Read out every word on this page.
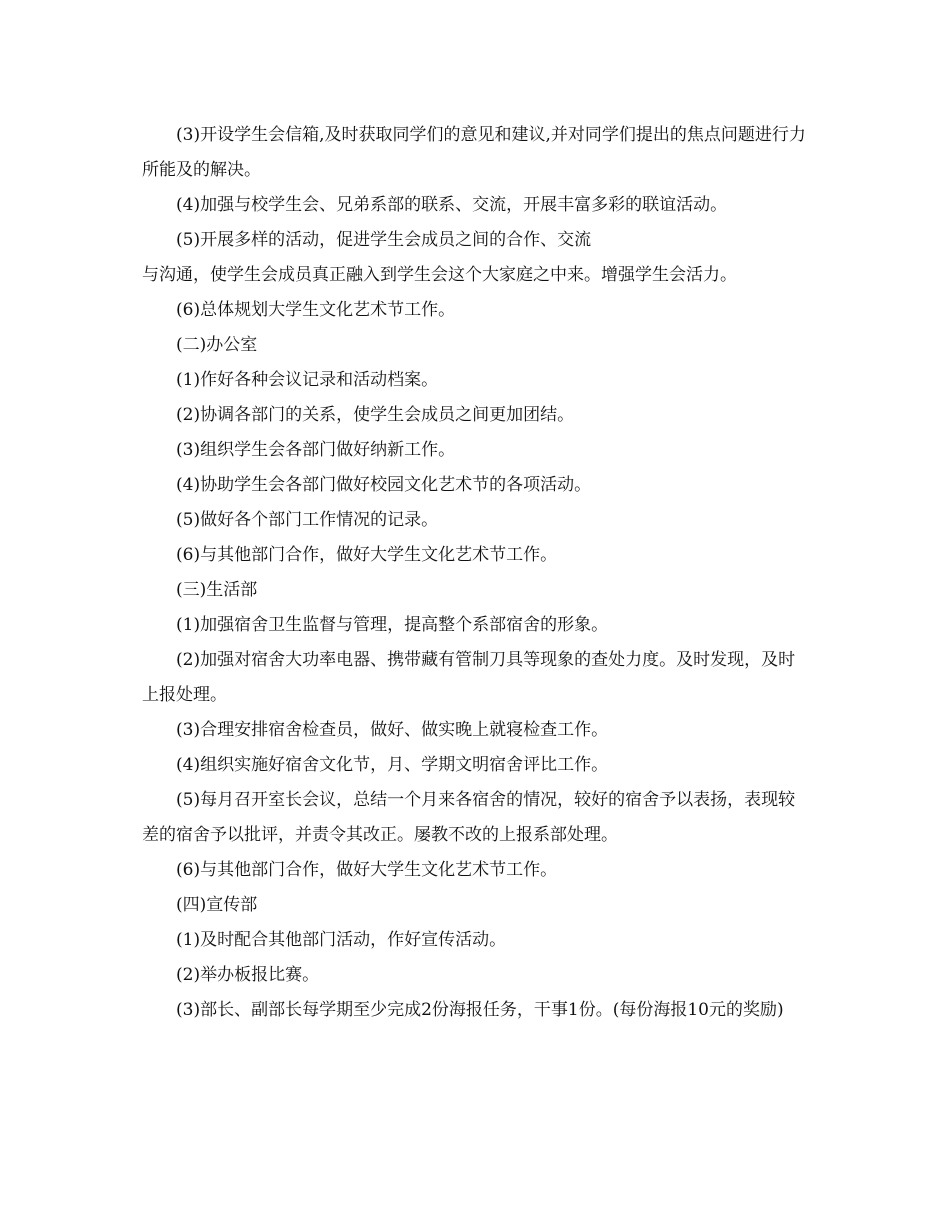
(3)开设学生会信箱,及时获取同学们的意见和建议,并对同学们提出的焦点问题进行力所能及的解决。

(4)加强与校学生会、兄弟系部的联系、交流，开展丰富多彩的联谊活动。

(5)开展多样的活动，促进学生会成员之间的合作、交流

与沟通，使学生会成员真正融入到学生会这个大家庭之中来。增强学生会活力。

(6)总体规划大学生文化艺术节工作。

(二)办公室

(1)作好各种会议记录和活动档案。

(2)协调各部门的关系，使学生会成员之间更加团结。

(3)组织学生会各部门做好纳新工作。

(4)协助学生会各部门做好校园文化艺术节的各项活动。

(5)做好各个部门工作情况的记录。

(6)与其他部门合作，做好大学生文化艺术节工作。

(三)生活部

(1)加强宿舍卫生监督与管理，提高整个系部宿舍的形象。

(2)加强对宿舍大功率电器、携带藏有管制刀具等现象的查处力度。及时发现，及时上报处理。

(3)合理安排宿舍检查员，做好、做实晚上就寝检查工作。

(4)组织实施好宿舍文化节，月、学期文明宿舍评比工作。

(5)每月召开室长会议，总结一个月来各宿舍的情况，较好的宿舍予以表扬，表现较差的宿舍予以批评，并责令其改正。屡教不改的上报系部处理。

(6)与其他部门合作，做好大学生文化艺术节工作。

(四)宣传部

(1)及时配合其他部门活动，作好宣传活动。

(2)举办板报比赛。

(3)部长、副部长每学期至少完成2份海报任务，干事1份。(每份海报10元的奖励)
